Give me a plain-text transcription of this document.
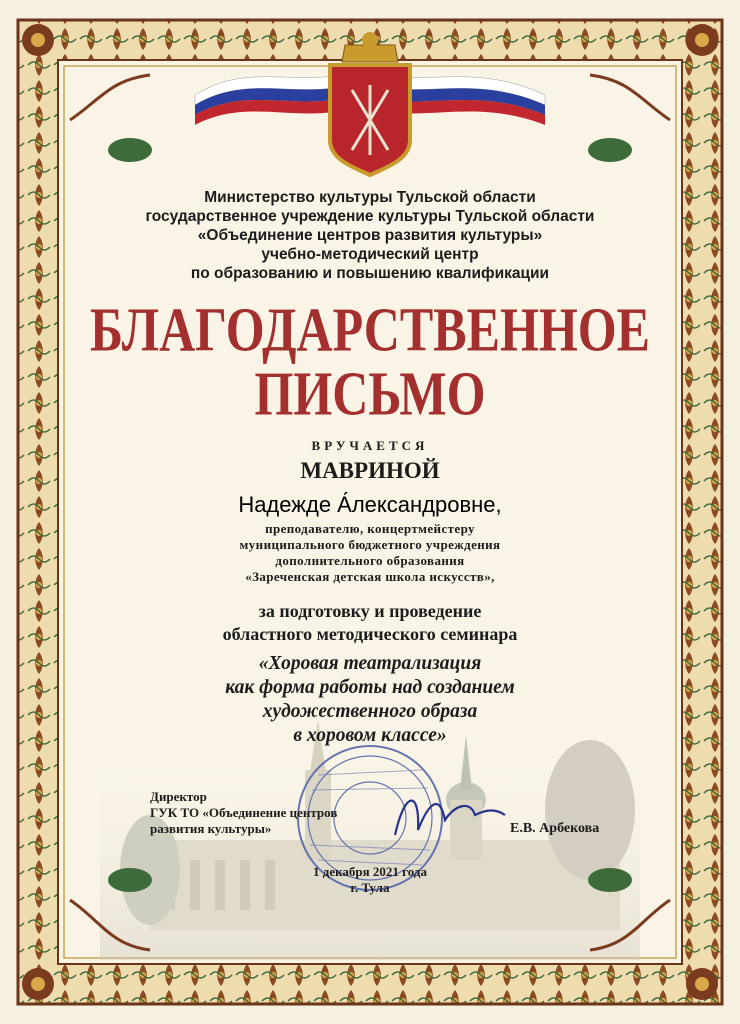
Министерство культуры Тульской области
государственное учреждение культуры Тульской области
«Объединение центров развития культуры»
учебно-методический центр
по образованию и повышению квалификации
БЛАГОДАРСТВЕННОЕ
ПИСЬМО
ВРУЧАЕТСЯ
МАВРИНОЙ
Надежде А́лександровне,
преподавателю, концертмейстеру
муниципального бюджетного учреждения
дополнительного образования
«Зареченская детская школа искусств»,
за подготовку и проведение
областного методического семинара
«Хоровая театрализация
как форма работы над созданием
художественного образа
в хоровом классе»
Директор
ГУК ТО «Объединение центров
развития культуры»	Е.В. Арбекова
1 декабря 2021 года
г. Тула
